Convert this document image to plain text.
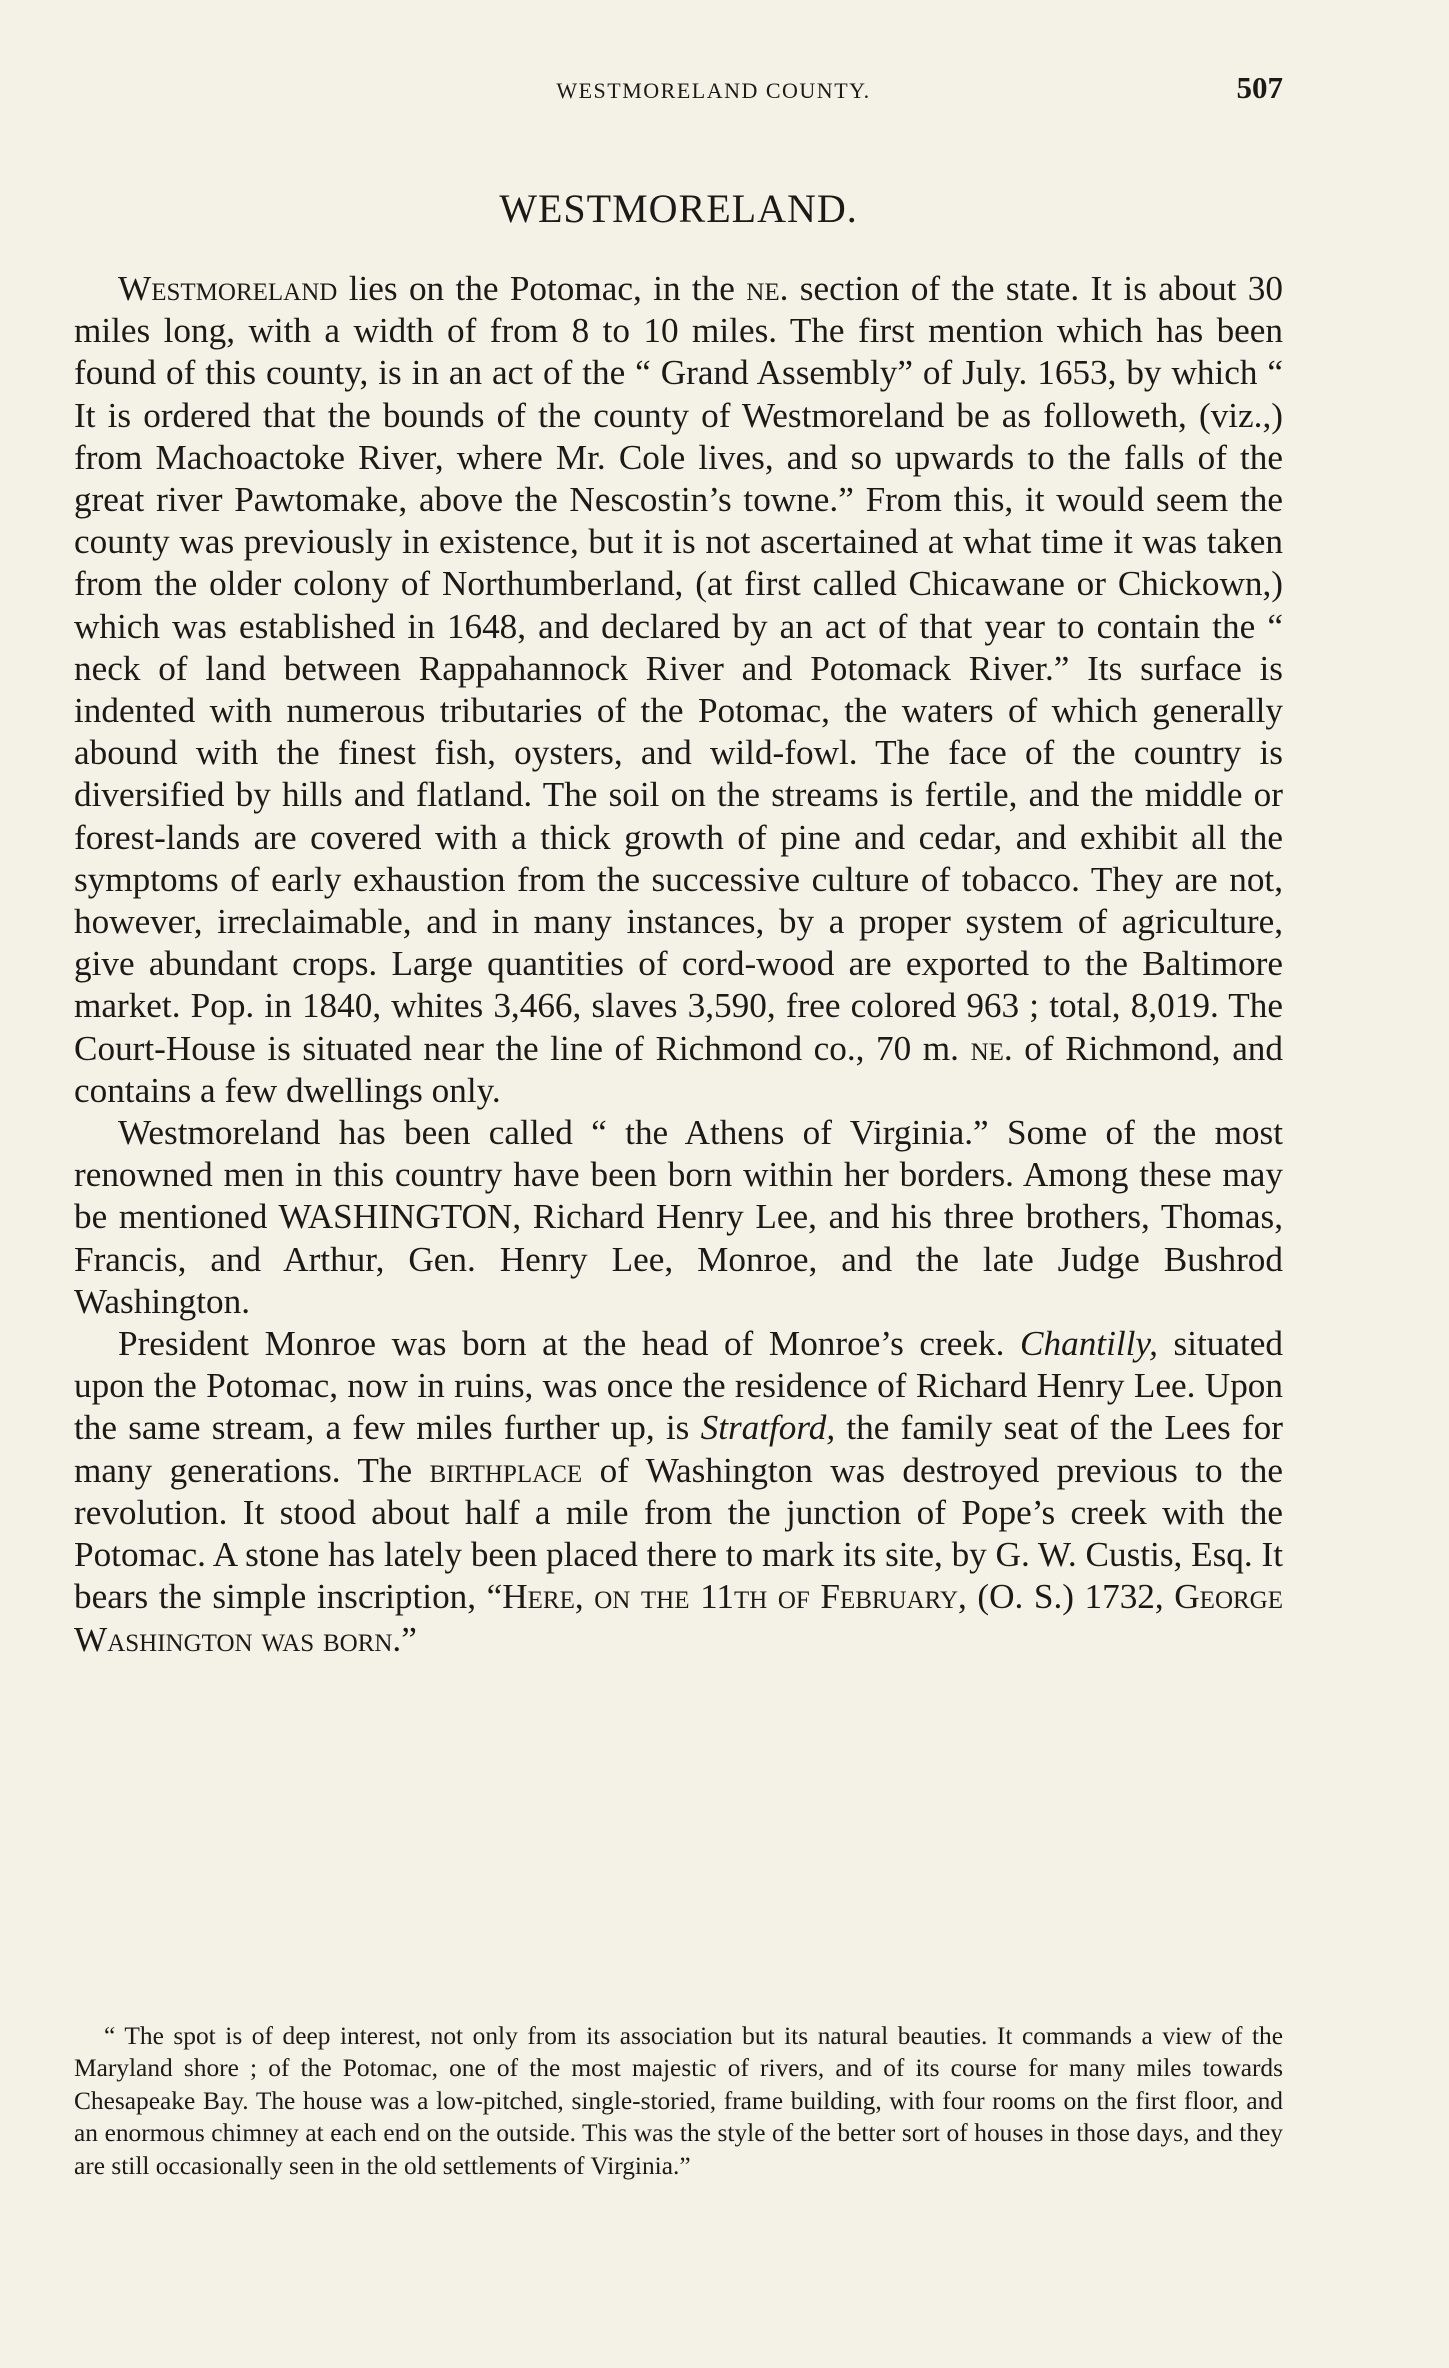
WESTMORELAND COUNTY.	507
WESTMORELAND.

Westmoreland lies on the Potomac, in the ne. section of the state. It is about 30 miles long, with a width of from 8 to 10 miles. The first mention which has been found of this county, is in an act of the “ Grand Assembly” of July. 1653, by which “ It is ordered that the bounds of the county of Westmoreland be as followeth, (viz.,) from Machoactoke River, where Mr. Cole lives, and so upwards to the falls of the great river Pawtomake, above the Nescostin’s towne.” From this, it would seem the county was previously in existence, but it is not ascertained at what time it was taken from the older colony of Northumberland, (at first called Chicawane or Chickown,) which was established in 1648, and declared by an act of that year to contain the “ neck of land between Rappahannock River and Potomack River.” Its surface is indented with numerous tributaries of the Potomac, the waters of which generally abound with the finest fish, oysters, and wild-fowl. The face of the country is diversified by hills and flatland. The soil on the streams is fertile, and the middle or forest-lands are covered with a thick growth of pine and cedar, and exhibit all the symptoms of early exhaustion from the successive culture of tobacco. They are not, however, irreclaimable, and in many instances, by a proper system of agriculture, give abundant crops. Large quantities of cord-wood are exported to the Baltimore market. Pop. in 1840, whites 3,466, slaves 3,590, free colored 963 ; total, 8,019. The Court-House is situated near the line of Richmond co., 70 m. ne. of Richmond, and contains a few dwellings only.

Westmoreland has been called “ the Athens of Virginia.” Some of the most renowned men in this country have been born within her borders. Among these may be mentioned WASHINGTON, Richard Henry Lee, and his three brothers, Thomas, Francis, and Arthur, Gen. Henry Lee, Monroe, and the late Judge Bushrod Washington.

President Monroe was born at the head of Monroe’s creek. Chantilly, situated upon the Potomac, now in ruins, was once the residence of Richard Henry Lee. Upon the same stream, a few miles further up, is Stratford, the family seat of the Lees for many generations. The birthplace of Washington was destroyed previous to the revolution. It stood about half a mile from the junction of Pope’s creek with the Potomac. A stone has lately been placed there to mark its site, by G. W. Custis, Esq. It bears the simple inscription, “Here, on the 11th of February, (O. S.) 1732, George Washington was born.”

“ The spot is of deep interest, not only from its association but its natural beauties. It commands a view of the Maryland shore ; of the Potomac, one of the most majestic of rivers, and of its course for many miles towards Chesapeake Bay. The house was a low-pitched, single-storied, frame building, with four rooms on the first floor, and an enormous chimney at each end on the outside. This was the style of the better sort of houses in those days, and they are still occasionally seen in the old settlements of Virginia.”
